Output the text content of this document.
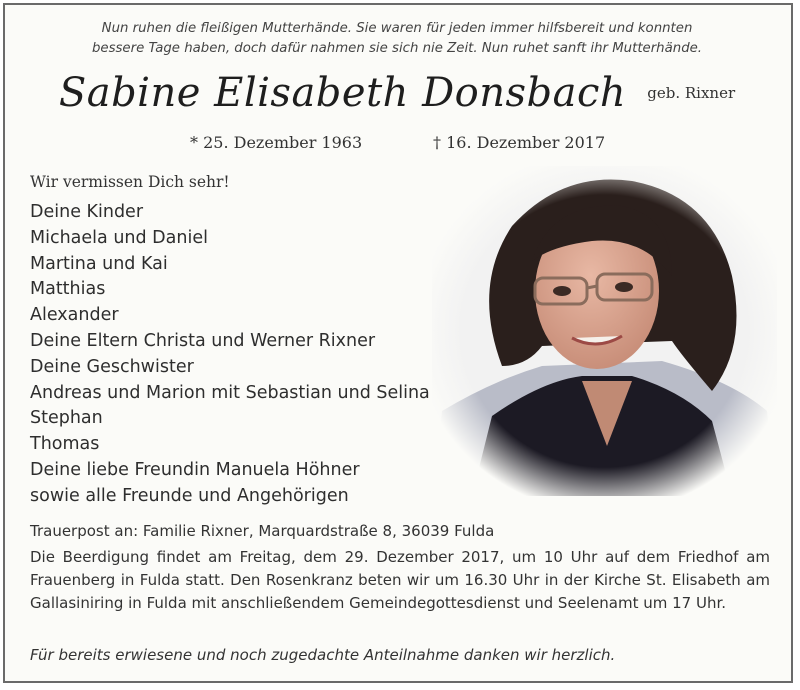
Nun ruhen die fleißigen Mutterhände. Sie waren für jeden immer hilfsbereit und konnten
bessere Tage haben, doch dafür nahmen sie sich nie Zeit. Nun ruhet sanft ihr Mutterhände.
Sabine Elisabeth Donsbach geb. Rixner
* 25. Dezember 1963	† 16. Dezember 2017
Wir vermissen Dich sehr!
Deine Kinder
Michaela und Daniel
Martina und Kai
Matthias
Alexander
Deine Eltern Christa und Werner Rixner
Deine Geschwister
Andreas und Marion mit Sebastian und Selina
Stephan
Thomas
Deine liebe Freundin Manuela Höhner
sowie alle Freunde und Angehörigen
Trauerpost an: Familie Rixner, Marquardstraße 8, 36039 Fulda
Die Beerdigung findet am Freitag, dem 29. Dezember 2017, um 10 Uhr auf dem Friedhof am Frauenberg in Fulda statt. Den Rosenkranz beten wir um 16.30 Uhr in der Kirche St. Elisabeth am Gallasiniring in Fulda mit anschließendem Gemeindegottesdienst und Seelenamt um 17 Uhr.
Für bereits erwiesene und noch zugedachte Anteilnahme danken wir herzlich.
